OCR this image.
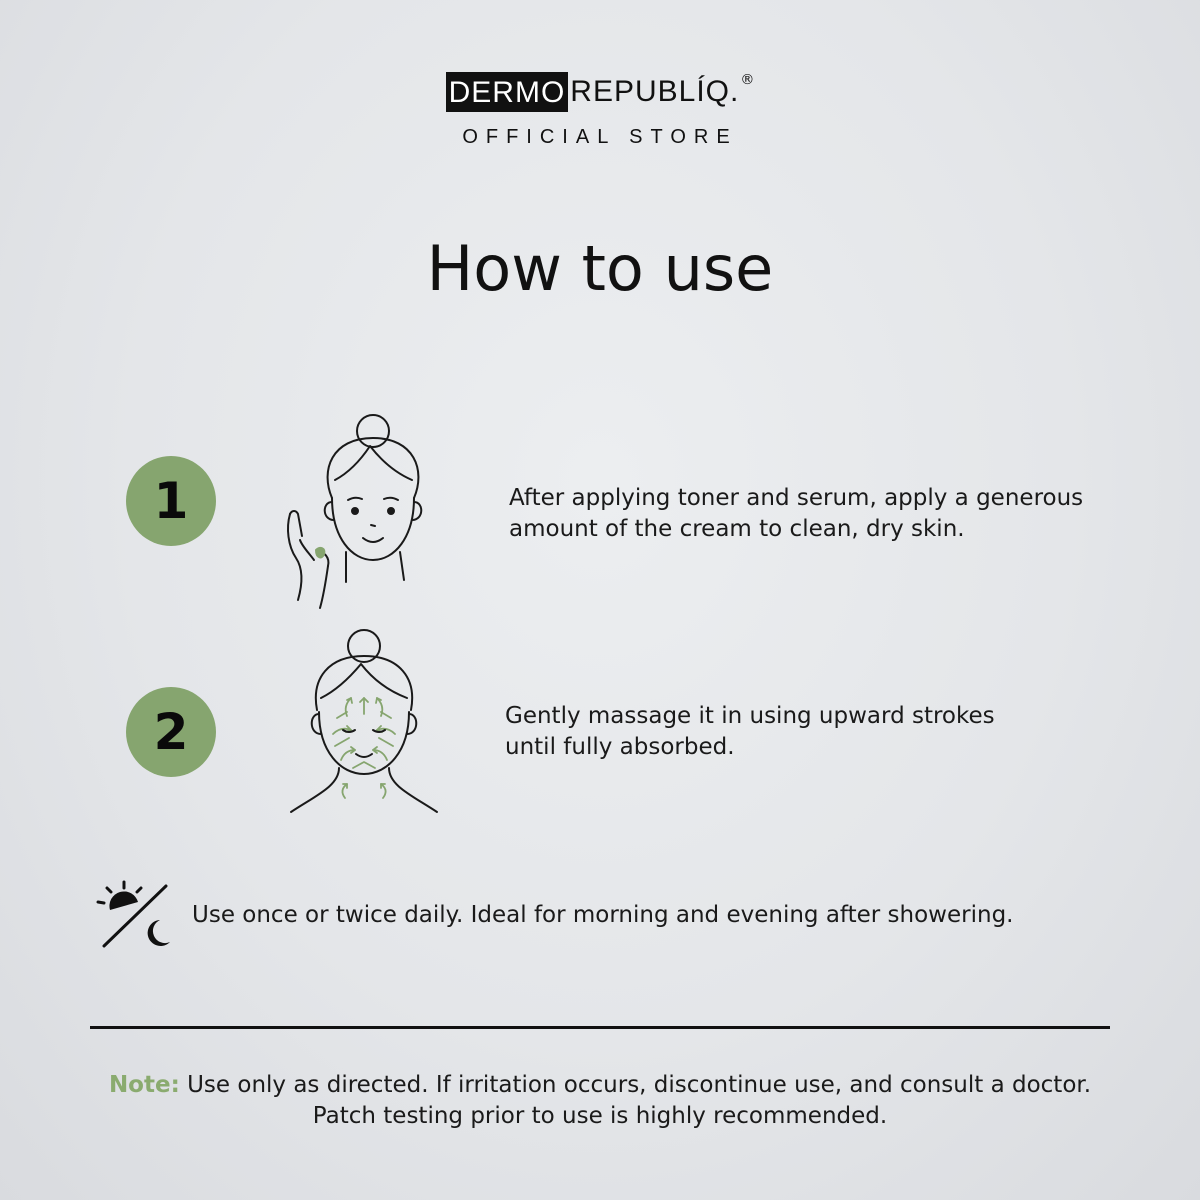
DERMO REPUBLÍQ. ®
OFFICIAL STORE
How to use
1	After applying toner and serum, apply a generous
amount of the cream to clean, dry skin.
2	Gently massage it in using upward strokes
until fully absorbed.
Use once or twice daily. Ideal for morning and evening after showering.
Note: Use only as directed. If irritation occurs, discontinue use, and consult a doctor.
Patch testing prior to use is highly recommended.
